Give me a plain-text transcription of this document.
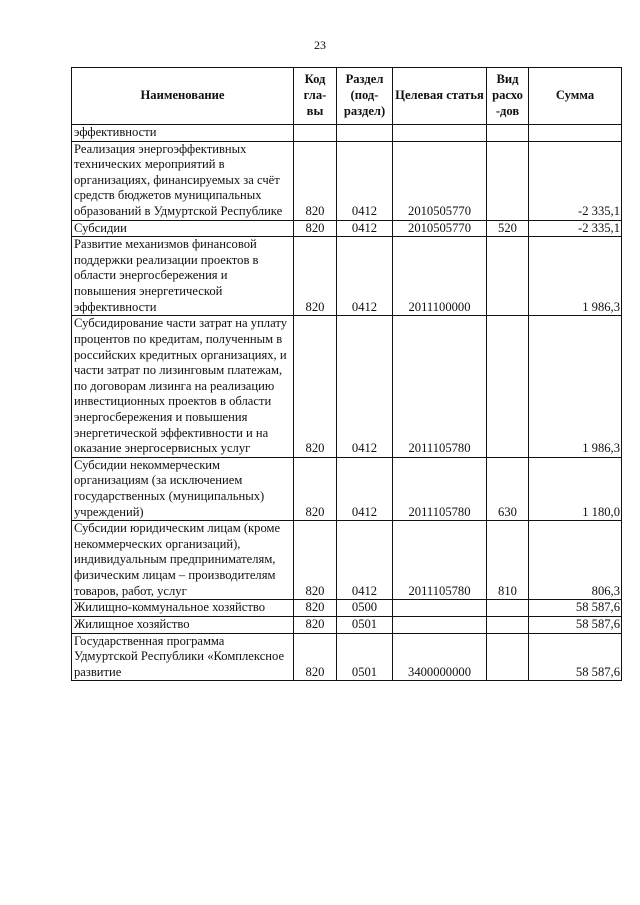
23
Наименование	Код гла- вы	Раздел (под- раздел)	Целевая статья	Вид расхо -дов	Сумма
эффективности					
Реализация энергоэффективных технических мероприятий в организациях, финансируемых за счёт средств бюджетов муниципальных образований в Удмуртской Республике	820	0412	2010505770		-2 335,1
Субсидии	820	0412	2010505770	520	-2 335,1
Развитие механизмов финансовой поддержки реализации проектов в области энергосбережения и повышения энергетической эффективности	820	0412	2011100000		1 986,3
Субсидирование части затрат на уплату процентов по кредитам, полученным в российских кредитных организациях, и части затрат по лизинговым платежам, по договорам лизинга на реализацию инвестиционных проектов в области энергосбережения и повышения энергетической эффективности и на оказание энергосервисных услуг	820	0412	2011105780		1 986,3
Субсидии некоммерческим организациям (за исключением государственных (муниципальных) учреждений)	820	0412	2011105780	630	1 180,0
Субсидии юридическим лицам (кроме некоммерческих организаций), индивидуальным предпринимателям, физическим лицам – производителям товаров, работ, услуг	820	0412	2011105780	810	806,3
Жилищно-коммунальное хозяйство	820	0500			58 587,6
Жилищное хозяйство	820	0501			58 587,6
Государственная программа Удмуртской Республики «Комплексное развитие	820	0501	3400000000		58 587,6
